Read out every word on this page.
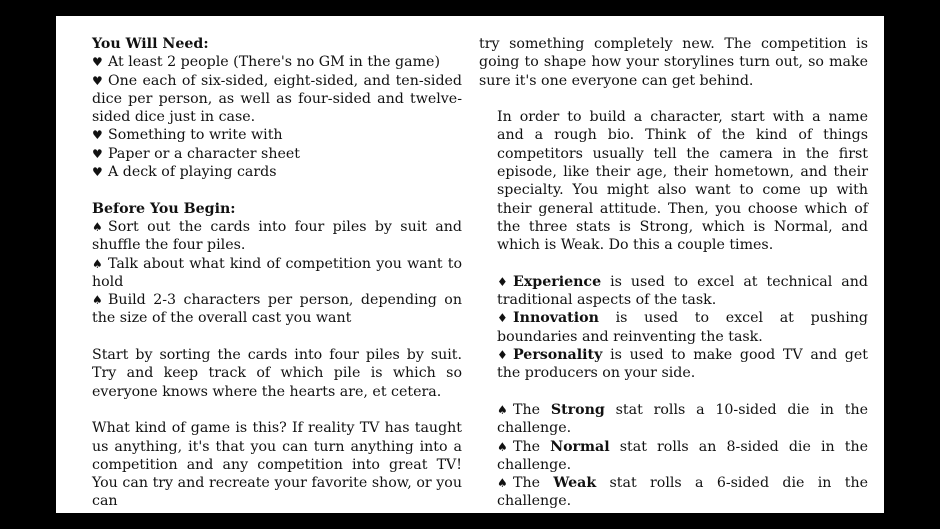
You Will Need:

♥ At least 2 people (There's no GM in the game)

♥ One each of six-sided, eight-sided, and ten-sided dice per person, as well as four-sided and twelve-sided dice just in case.

♥ Something to write with

♥ Paper or a character sheet

♥ A deck of playing cards

Before You Begin:

♠ Sort out the cards into four piles by suit and shuffle the four piles.

♠ Talk about what kind of competition you want to hold

♠ Build 2-3 characters per person, depending on the size of the overall cast you want

Start by sorting the cards into four piles by suit. Try and keep track of which pile is which so everyone knows where the hearts are, et cetera.

What kind of game is this? If reality TV has taught us anything, it's that you can turn anything into a competition and any competition into great TV! You can try and recreate your favorite show, or you can

try something completely new. The competition is going to shape how your storylines turn out, so make sure it's one everyone can get behind.

In order to build a character, start with a name and a rough bio. Think of the kind of things competitors usually tell the camera in the first episode, like their age, their hometown, and their specialty. You might also want to come up with their general attitude. Then, you choose which of the three stats is Strong, which is Normal, and which is Weak. Do this a couple times.

♦ Experience is used to excel at technical and traditional aspects of the task.

♦ Innovation is used to excel at pushing boundaries and reinventing the task.

♦ Personality is used to make good TV and get the producers on your side.

♠ The Strong stat rolls a 10-sided die in the challenge.

♠ The Normal stat rolls an 8-sided die in the challenge.

♠ The Weak stat rolls a 6-sided die in the challenge.
